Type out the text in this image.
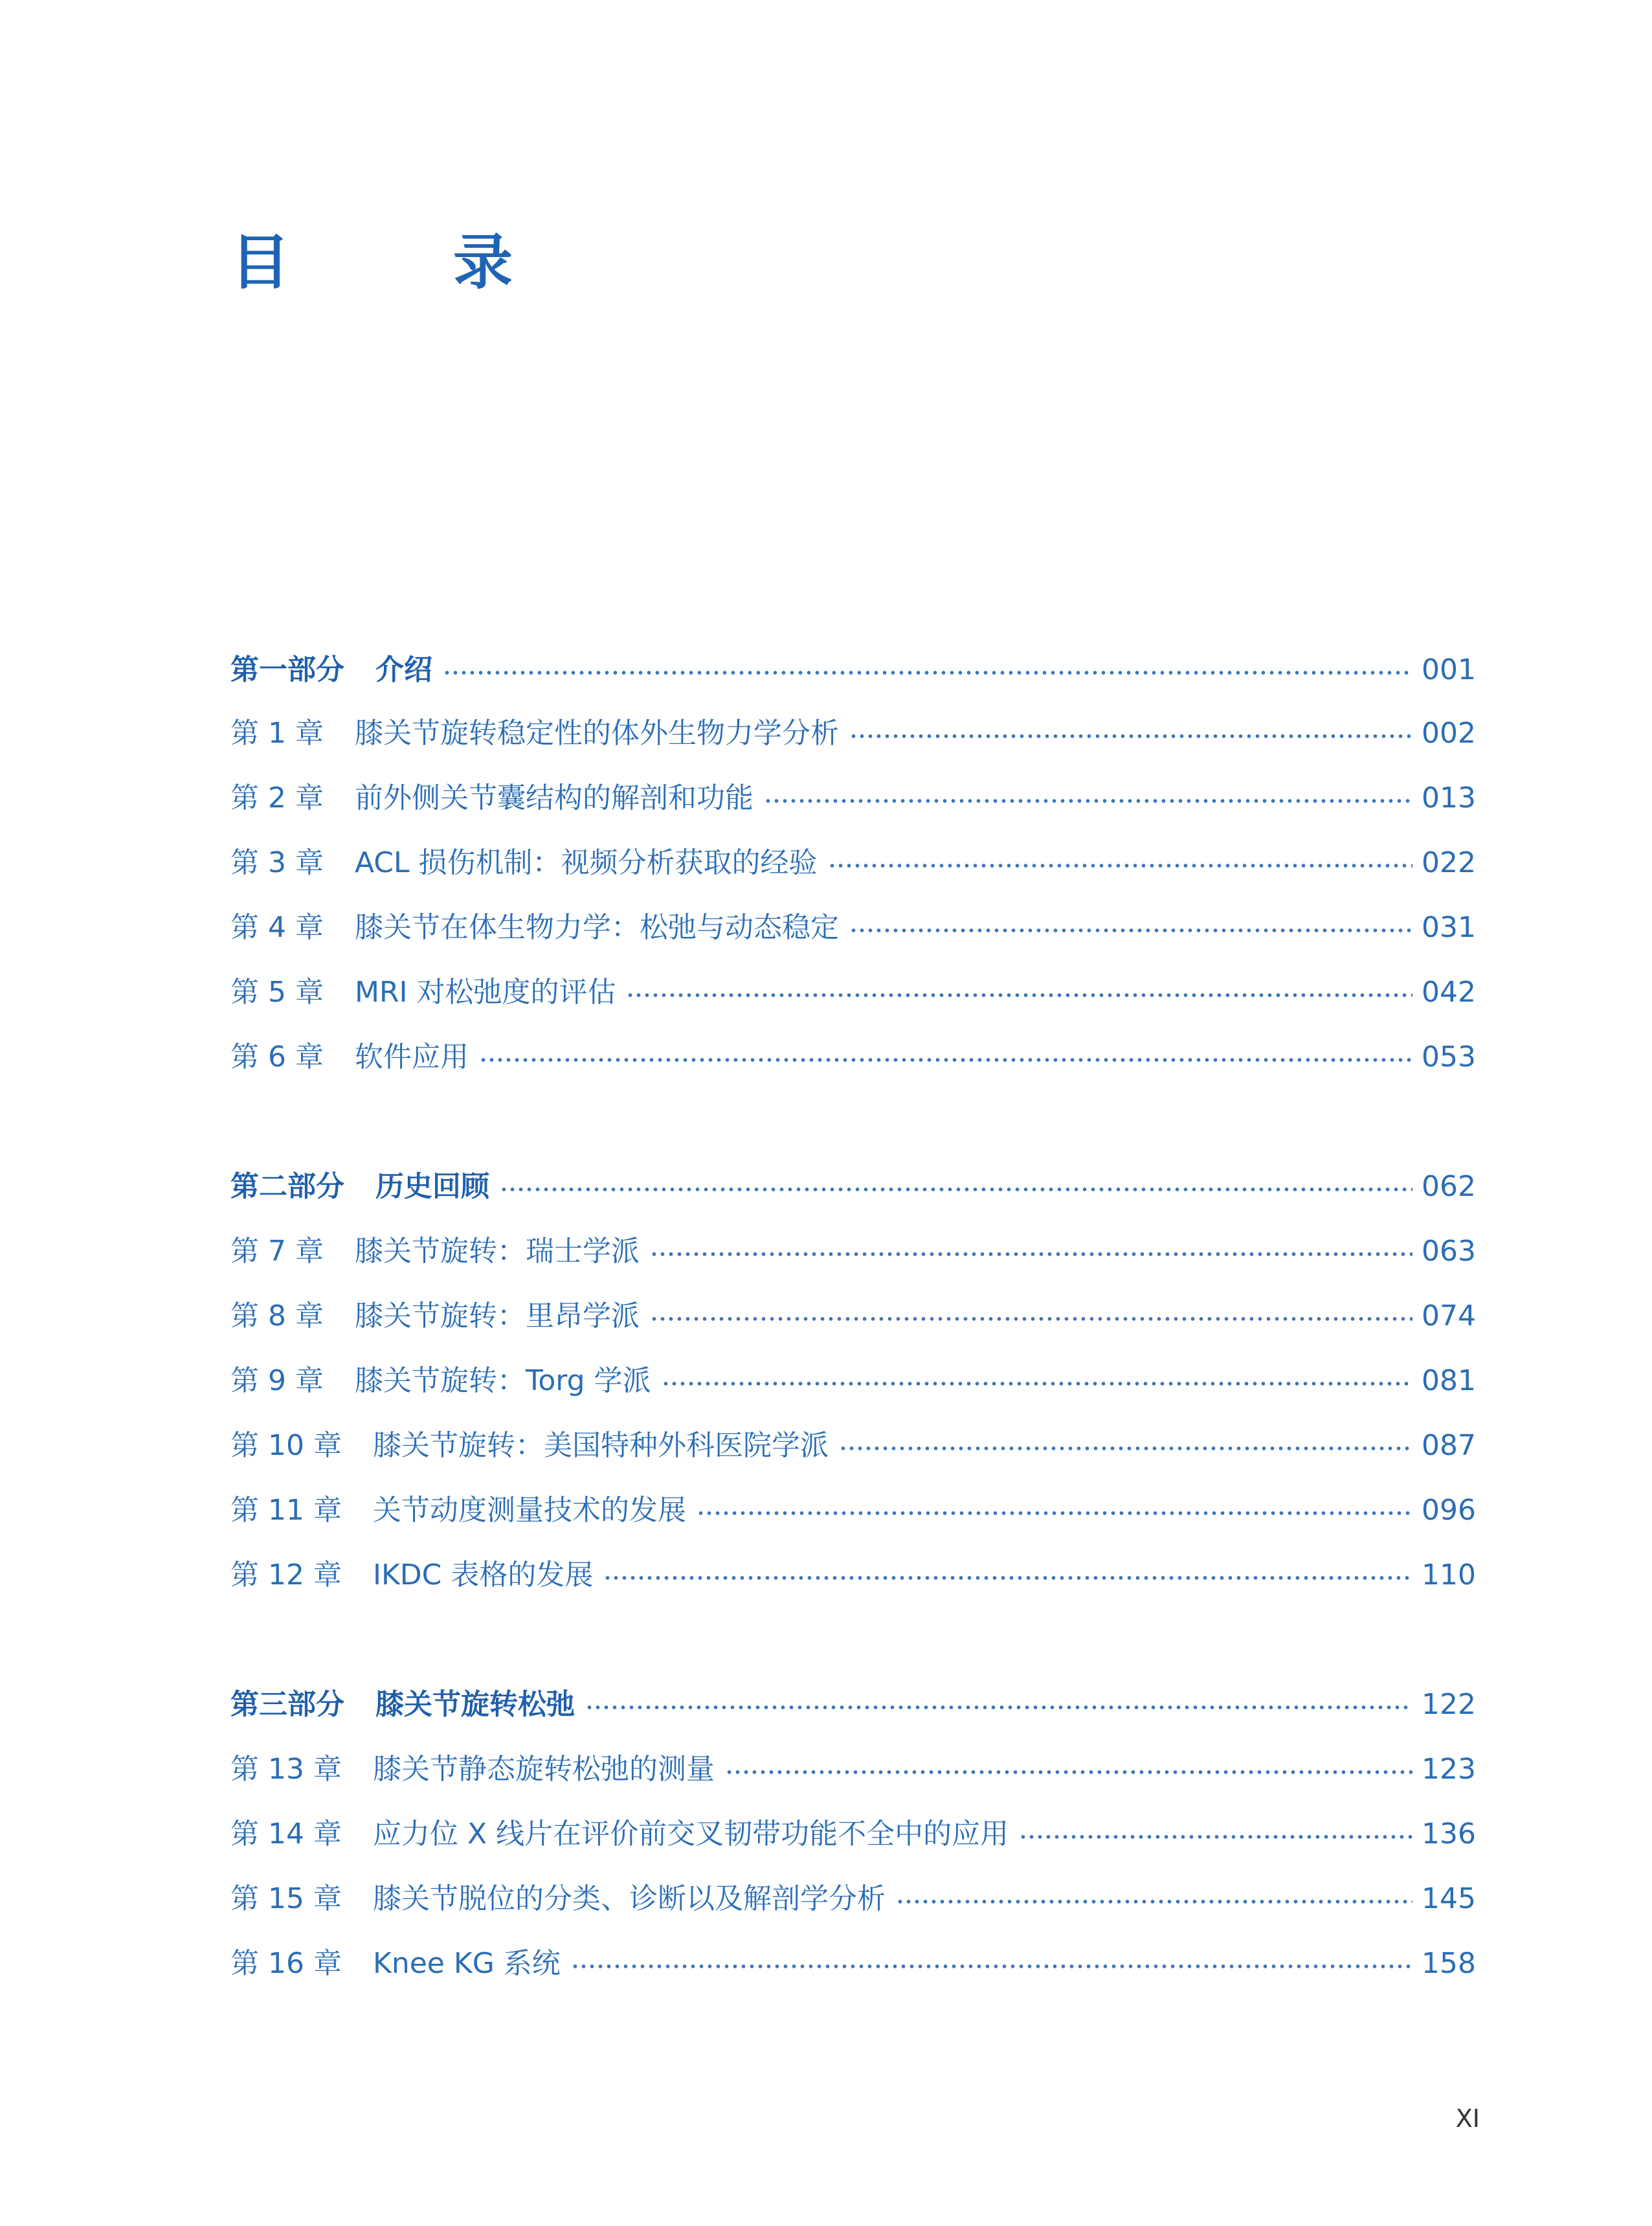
目　录
第一部分 介绍	001
第 1 章 膝关节旋转稳定性的体外生物力学分析	002
第 2 章 前外侧关节囊结构的解剖和功能	013
第 3 章 ACL 损伤机制：视频分析获取的经验	022
第 4 章 膝关节在体生物力学：松弛与动态稳定	031
第 5 章 MRI 对松弛度的评估	042
第 6 章 软件应用	053
第二部分 历史回顾	062
第 7 章 膝关节旋转：瑞士学派	063
第 8 章 膝关节旋转：里昂学派	074
第 9 章 膝关节旋转：Torg 学派	081
第 10 章 膝关节旋转：美国特种外科医院学派	087
第 11 章 关节动度测量技术的发展	096
第 12 章 IKDC 表格的发展	110
第三部分 膝关节旋转松弛	122
第 13 章 膝关节静态旋转松弛的测量	123
第 14 章 应力位 X 线片在评价前交叉韧带功能不全中的应用	136
第 15 章 膝关节脱位的分类、诊断以及解剖学分析	145
第 16 章 Knee KG 系统	158
XI
